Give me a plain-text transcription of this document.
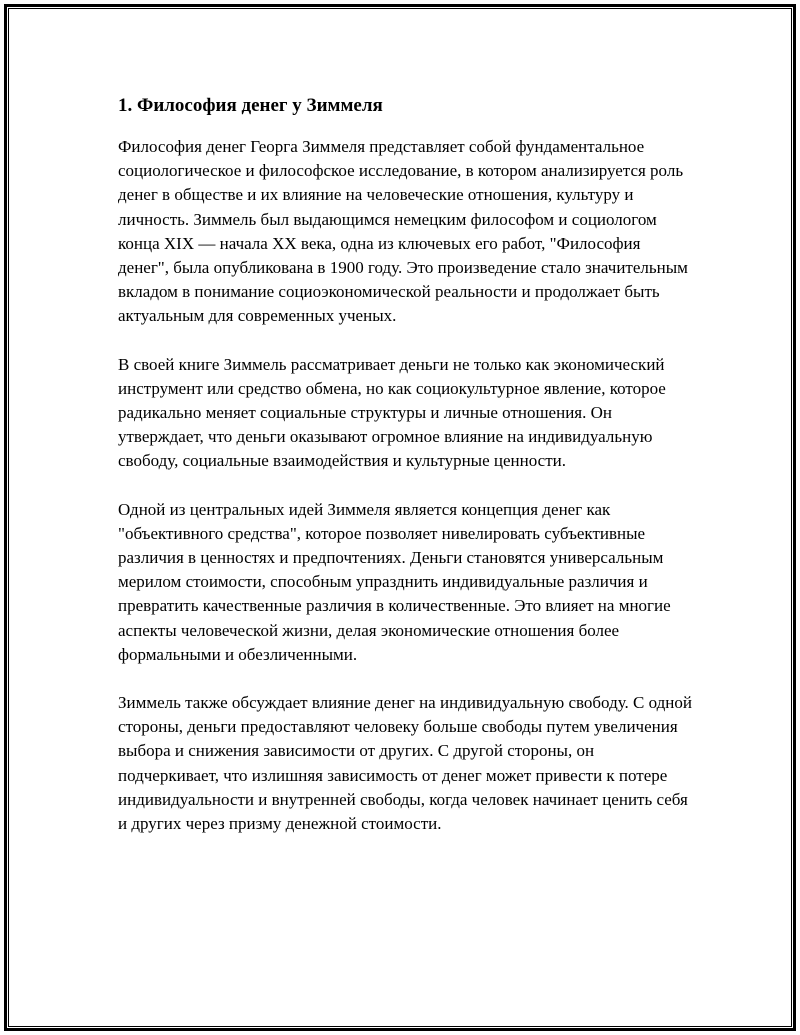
1. Философия денег у Зиммеля

Философия денег Георга Зиммеля представляет собой фундаментальное социологическое и философское исследование, в котором анализируется роль денег в обществе и их влияние на человеческие отношения, культуру и личность. Зиммель был выдающимся немецким философом и социологом конца XIX — начала XX века, одна из ключевых его работ, "Философия денег", была опубликована в 1900 году. Это произведение стало значительным вкладом в понимание социоэкономической реальности и продолжает быть актуальным для современных ученых.

В своей книге Зиммель рассматривает деньги не только как экономический инструмент или средство обмена, но как социокультурное явление, которое радикально меняет социальные структуры и личные отношения. Он утверждает, что деньги оказывают огромное влияние на индивидуальную свободу, социальные взаимодействия и культурные ценности.

Одной из центральных идей Зиммеля является концепция денег как "объективного средства", которое позволяет нивелировать субъективные различия в ценностях и предпочтениях. Деньги становятся универсальным мерилом стоимости, способным упразднить индивидуальные различия и превратить качественные различия в количественные. Это влияет на многие аспекты человеческой жизни, делая экономические отношения более формальными и обезличенными.

Зиммель также обсуждает влияние денег на индивидуальную свободу. С одной стороны, деньги предоставляют человеку больше свободы путем увеличения выбора и снижения зависимости от других. С другой стороны, он подчеркивает, что излишняя зависимость от денег может привести к потере индивидуальности и внутренней свободы, когда человек начинает ценить себя и других через призму денежной стоимости.
